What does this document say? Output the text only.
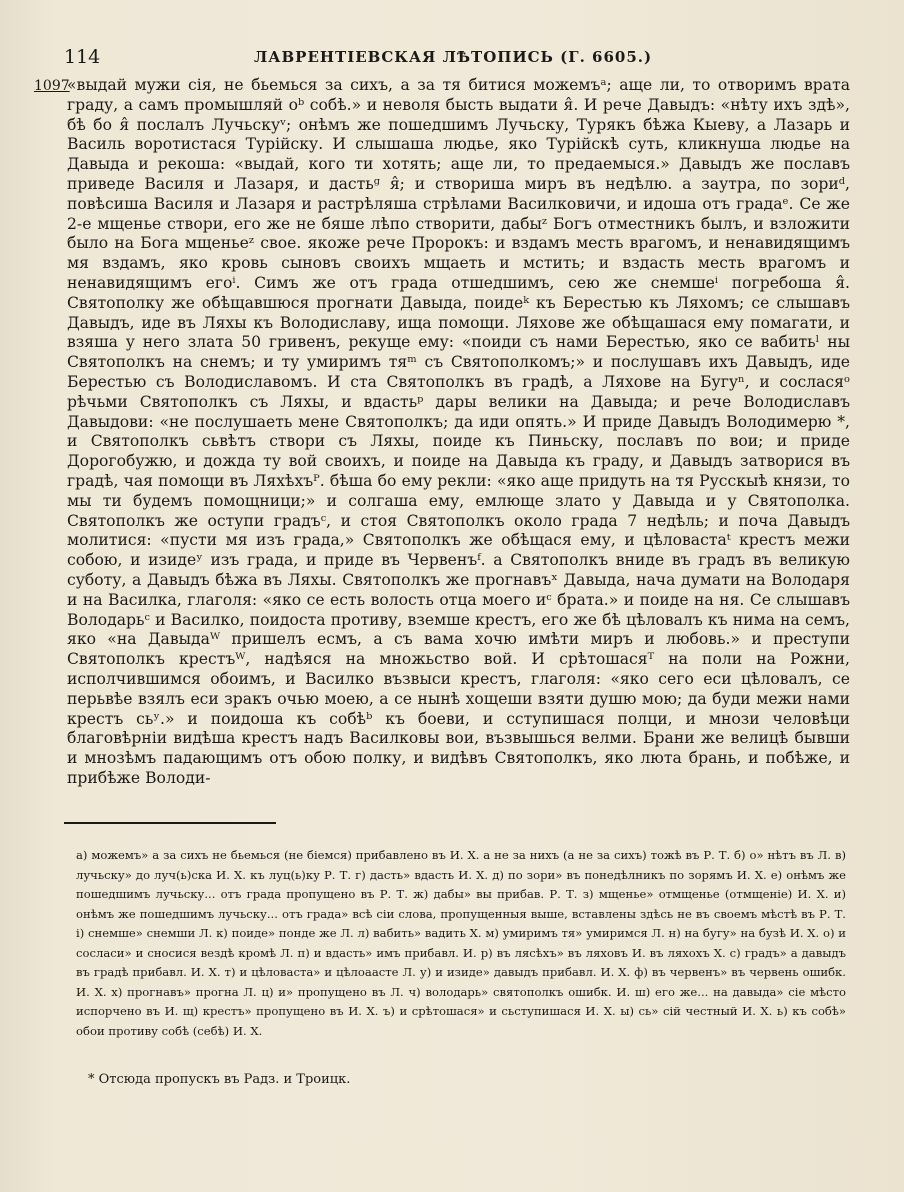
114	ЛАВРЕНТІЕВСКАЯ ЛѢТОПИСЬ (Г. 6605.)
1097

«выдай мужи сія, не бьемься за сихъ, а за тя битися можемъᵃ; аще ли, то отворимъ врата граду, а самъ промышляй оᵇ собѣ.» и неволя бысть выдати я̂. И рече Давыдъ: «нѣту ихъ здѣ», бѣ бо я̂ послалъ Лучьскуᵛ; онѣмъ же пошедшимъ Лучьску, Турякъ бѣжа Кыеву, а Лазарь и Василь воротистася Турійску. И слышаша людье, яко Турійскѣ суть, кликнуша людье на Давыда и рекоша: «выдай, кого ти хотять; аще ли, то предаемыся.» Давыдъ же пославъ приведе Василя и Лазаря, и дастьᵍ я̂; и створиша миръ въ недѣлю. а заутра, по зориᵈ, повѣсиша Василя и Лазаря и растрѣляша стрѣлами Василковичи, и идоша отъ градаᵉ. Се же 2-е мщенье створи, его же не бяше лѣпо створити, дабыᶻ Богъ отместникъ былъ, и взложити было на Бога мщеньеᶻ свое. якоже рече Пророкъ: и вздамъ месть врагомъ, и ненавидящимъ мя вздамъ, яко кровь сыновъ своихъ мщаеть и мстить; и вздасть месть врагомъ и ненавидящимъ егоⁱ. Симъ же отъ града отшедшимъ, сею же снемшеⁱ погребоша я̂. Святополку же обѣщавшюся прогнати Давыда, поидеᵏ къ Берестью къ Ляхомъ; се слышавъ Давыдъ, иде въ Ляхы къ Володиславу, ища помощи. Ляхове же обѣщашася ему помагати, и взяша у него злата 50 гривенъ, рекуще ему: «поиди съ нами Берестью, яко се вабитьˡ ны Святополкъ на снемъ; и ту умиримъ тяᵐ съ Святополкомъ;» и послушавъ ихъ Давыдъ, иде Берестью съ Володиславомъ. И ста Святополкъ въ градѣ, а Ляхове на Бугуⁿ, и сосласяᵒ рѣчьми Святополкъ съ Ляхы, и вдастьᵖ дары велики на Давыда; и рече Володиславъ Давыдови: «не послушаеть мене Святополкъ; да иди опять.» И приде Давыдъ Володимерю *, и Святополкъ сьвѣтъ створи съ Ляхы, поиде къ Пиньску, пославъ по вои; и приде Дорогобужю, и дожда ту вой своихъ, и поиде на Давыда къ граду, и Давыдъ затворися въ градѣ, чая помощи въ Ляхѣхъᴾ. бѣша бо ему рекли: «яко аще придуть на тя Русскыѣ князи, то мы ти будемъ помощници;» и солгаша ему, емлюще злато у Давыда и у Святополка. Святополкъ же оступи градъᶜ, и стоя Святополкъ около града 7 недѣль; и поча Давыдъ молитися: «пусти мя изъ града,» Святополкъ же обѣщася ему, и цѣловастаᵗ крестъ межи собою, и изидеʸ изъ града, и приде въ Червенъᶠ. а Святополкъ вниде въ градъ въ великую суботу, а Давыдъ бѣжа въ Ляхы. Святополкъ же прогнавъˣ Давыда, нача думати на Володаря и на Василка, глаголя: «яко се есть волость отца моего иᶜ брата.» и поиде на ня. Се слышавъ Володарьᶜ и Василко, поидоста противу, вземше крестъ, его же бѣ цѣловалъ къ нима на семъ, яко «на Давыдаᵂ пришелъ есмъ, а съ вама хочю имѣти миръ и любовь.» и преступи Святополкъ крестъᵂ, надѣяся на множьство вой. И срѣтошасяᵀ на поли на Рожни, исполчившимся обоимъ, и Василко възвыси крестъ, глаголя: «яко сего еси цѣловалъ, се перьвѣе взялъ еси зракъ очью моею, а се нынѣ хощеши взяти душю мою; да буди межи нами крестъ сьʸ.» и поидоша къ собѣᵇ къ боеви, и сступишася полци, и мнози человѣци благовѣрніи видѣша крестъ надъ Василковы вои, възвышься велми. Брани же велицѣ бывши и мнозѣмъ падающимъ отъ обою полку, и видѣвъ Святополкъ, яко люта брань, и побѣже, и прибѣже Володи-

а) можемъ» а за сихъ не бьемься (не біемся) прибавлено въ И. Х. а не за нихъ (а не за сихъ) тожѣ въ Р. Т. б) о» нѣтъ въ Л. в) лучьску» до луч(ь)ска И. Х. къ луц(ь)ку Р. Т. г) дасть» вдасть И. Х. д) по зори» въ понедѣлникъ по зорямъ И. Х. е) онѣмъ же пошедшимъ лучьску... отъ града пропущено въ Р. Т. ж) дабы» вы прибав. Р. Т. з) мщенье» отмщенье (отмщеніе) И. Х. и) онѣмъ же пошедшимъ лучьску... отъ града» всѣ сіи слова, пропущенныя выше, вставлены здѣсь не въ своемъ мѣстѣ въ Р. Т. і) снемше» снемши Л. к) поиде» понде же Л. л) вабить» вадить Х. м) умиримъ тя» умиримся Л. н) на бугу» на бузѣ И. Х. о) и сосласи» и сносися вездѣ кромѣ Л. п) и вдасть» имъ прибавл. И. р) въ лясѣхъ» въ ляховъ И. въ ляхохъ Х. с) градъ» а давыдъ въ градѣ прибавл. И. Х. т) и цѣловаста» и цѣлоаасте Л. у) и изиде» давыдъ прибавл. И. Х. ф) въ червенъ» въ червень ошибк. И. Х. х) прогнавъ» прогна Л. ц) и» пропущено въ Л. ч) володарь» святополкъ ошибк. И. ш) его же... на давыда» сіе мѣсто испорчено въ И. щ) крестъ» пропущено въ И. Х. ъ) и срѣтошася» и сьступишася И. Х. ы) сь» сій честный И. Х. ь) къ собѣ» обои противу собѣ (себѣ) И. Х.
* Отсюда пропускъ въ Радз. и Троицк.
